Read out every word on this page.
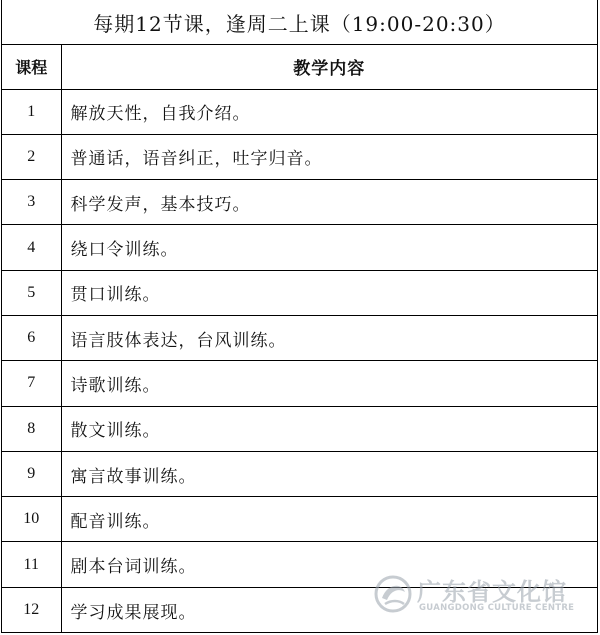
每期12节课，逢周二上课（19:00-20:30）
课程	教学内容
1	解放天性，自我介绍。
2	普通话，语音纠正，吐字归音。
3	科学发声，基本技巧。
4	绕口令训练。
5	贯口训练。
6	语言肢体表达，台风训练。
7	诗歌训练。
8	散文训练。
9	寓言故事训练。
10	配音训练。
11	剧本台词训练。
12	学习成果展现。
广东省文化馆
GUANGDONG CULTURE CENTRE
